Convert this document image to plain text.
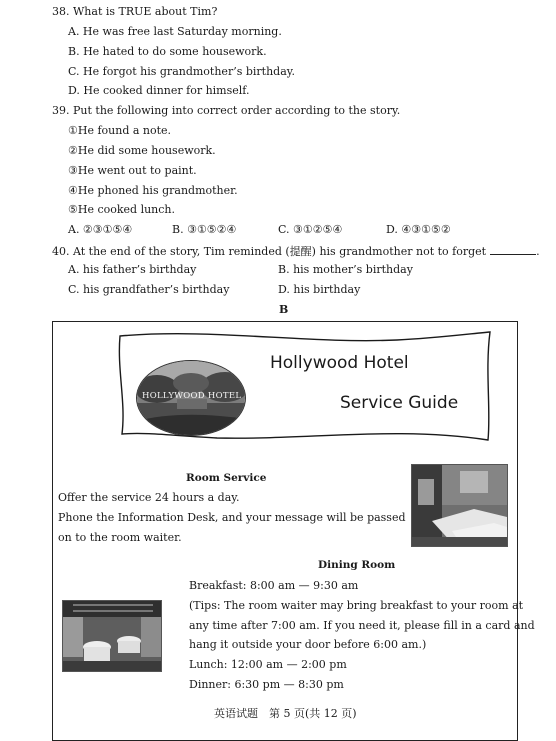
38. What is TRUE about Tim?
A. He was free last Saturday morning.
B. He hated to do some housework.
C. He forgot his grandmother’s birthday.
D. He cooked dinner for himself.
39. Put the following into correct order according to the story.
①He found a note.
②He did some housework.
③He went out to paint.
④He phoned his grandmother.
⑤He cooked lunch.
A. ②③①⑤④	B. ③①⑤②④	C. ③①②⑤④	D. ④③①⑤②
40. At the end of the story, Tim reminded (提醒) his grandmother not to forget	.
A. his father’s birthday	B. his mother’s birthday
C. his grandfather’s birthday	D. his birthday
B
HOLLYWOOD HOTEL
Hollywood Hotel
Service Guide
Room Service
Offer the service 24 hours a day.
Phone the Information Desk, and your message will be passed
on to the room waiter.
Dining Room
Breakfast: 8:00 am — 9:30 am
(Tips: The room waiter may bring breakfast to your room at
any time after 7:00 am. If you need it, please fill in a card and
hang it outside your door before 6:00 am.)
Lunch: 12:00 am — 2:00 pm
Dinner: 6:30 pm — 8:30 pm
英语试题　第 5 页(共 12 页)
